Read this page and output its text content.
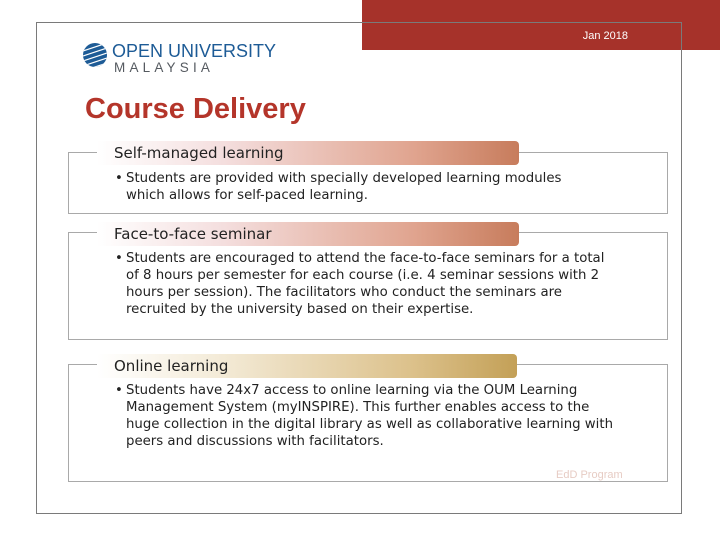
Jan 2018
OPEN UNIVERSITY
MALAYSIA
Course Delivery
Self-managed learning

• Students are provided with specially developed learning modules which allows for self-paced learning.

Face-to-face seminar

• Students are encouraged to attend the face-to-face seminars for a total of 8 hours per semester for each course (i.e. 4 seminar sessions with 2 hours per session). The facilitators who conduct the seminars are recruited by the university based on their expertise.

Online learning

• Students have 24x7 access to online learning via the OUM Learning Management System (myINSPIRE). This further enables access to the huge collection in the digital library as well as collaborative learning with peers and discussions with facilitators.

EdD Program
